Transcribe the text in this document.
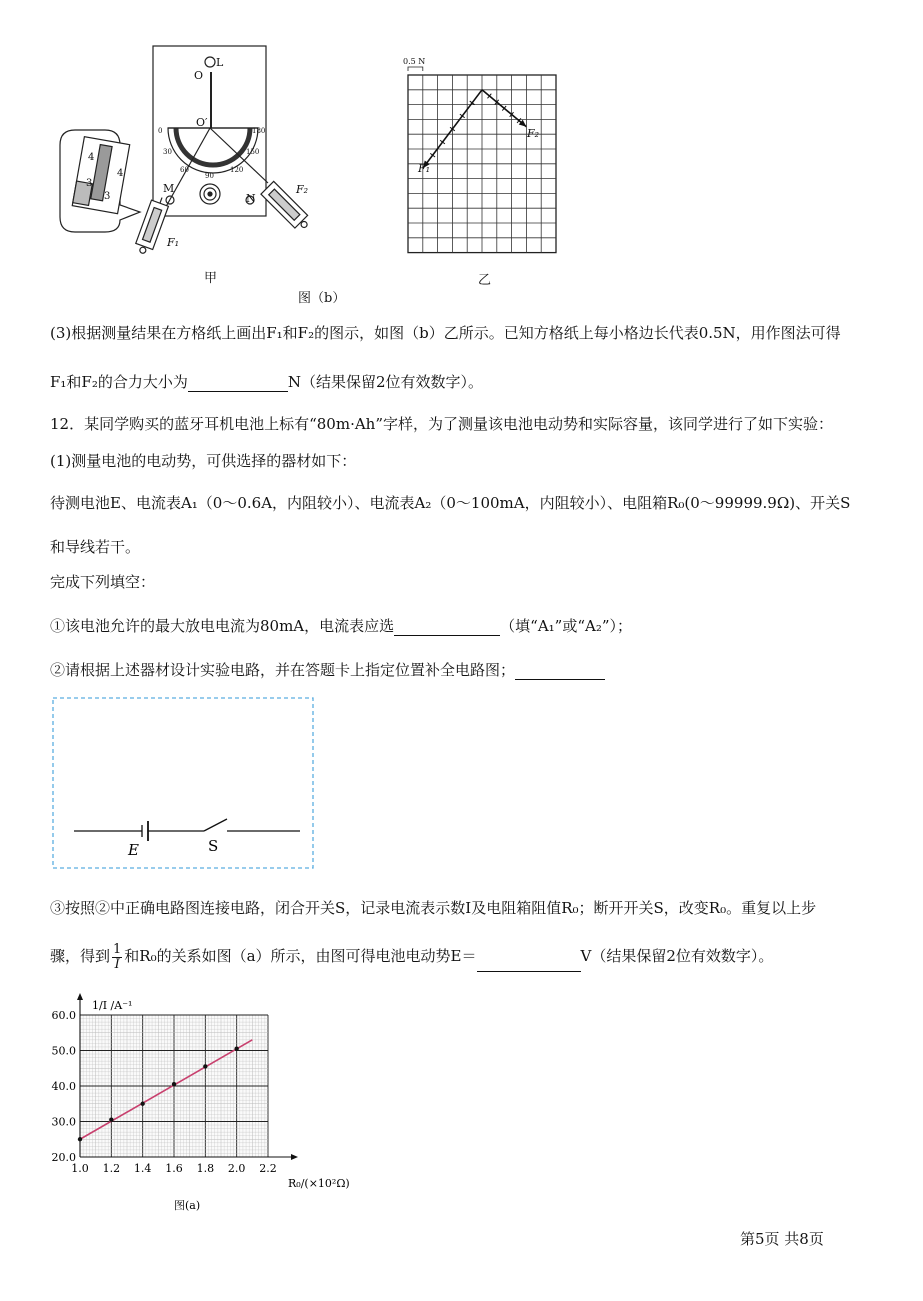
O
L
O′
0
30
60
90
120
150
180
M
N
F₁
F₂
4
4
3
3
甲
0.5 N
F₁
F₂
乙
图（b）
(3)根据测量结果在方格纸上画出F₁和F₂的图示，如图（b）乙所示。已知方格纸上每小格边长代表0.5N，用作图法可得
F₁和F₂的合力大小为	N（结果保留2位有效数字）。
12．某同学购买的蓝牙耳机电池上标有“80m·Ah”字样，为了测量该电池电动势和实际容量，该同学进行了如下实验：
(1)测量电池的电动势，可供选择的器材如下：
待测电池E、电流表A₁（0～0.6A，内阻较小）、电流表A₂（0～100mA，内阻较小）、电阻箱R₀(0～99999.9Ω)、开关S
和导线若干。
完成下列填空：
①该电池允许的最大放电电流为80mA，电流表应选	（填“A₁”或“A₂”）；
②请根据上述器材设计实验电路，并在答题卡上指定位置补全电路图；
E	S
③按照②中正确电路图连接电路，闭合开关S，记录电流表示数I及电阻箱阻值R₀；断开开关S，改变R₀。重复以上步
骤，得到 $\frac{1}{I}$ 和R₀的关系如图（a）所示，由图可得电池电动势E＝	V（结果保留2位有效数字）。
1.0 1.2 1.4 1.6 1.8 2.0 2.2
20.0
30.0
40.0
50.0
60.0
1/I /A⁻¹
R₀/(×10²Ω)
图(a)
第5页 共8页
